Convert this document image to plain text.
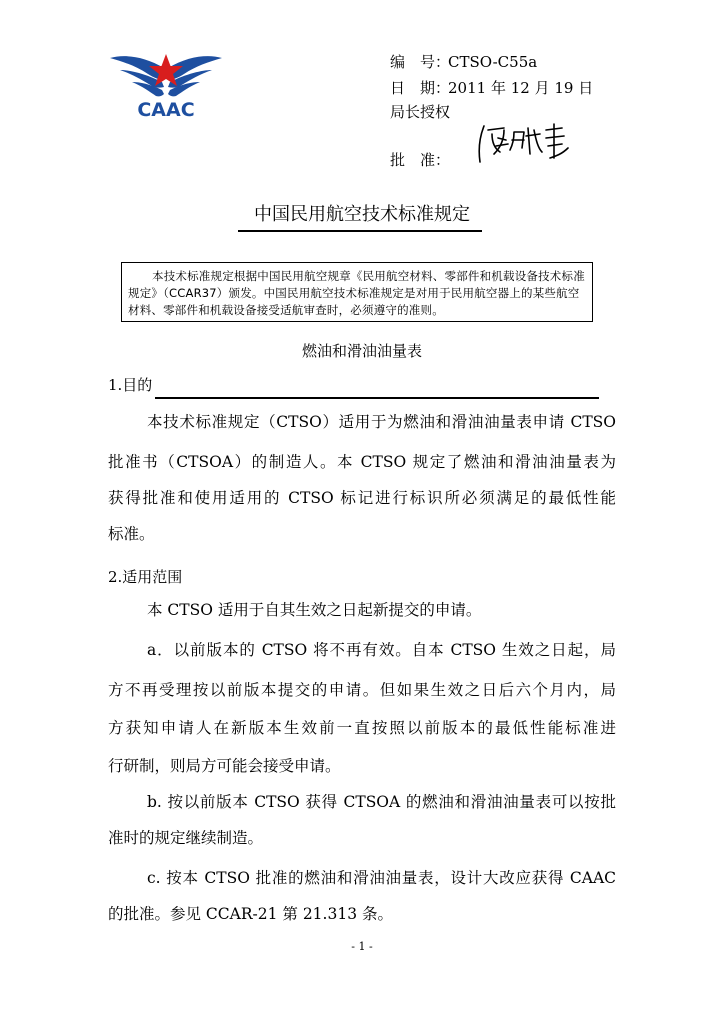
CAAC
编　号：CTSO-C55a
日　期：2011 年 12 月 19 日
局长授权
批　准：
中国民用航空技术标准规定
本技术标准规定根据中国民用航空规章《民用航空材料、零部件和机载设备技术标准规定》（CCAR37）颁发。中国民用航空技术标准规定是对用于民用航空器上的某些航空材料、零部件和机载设备接受适航审查时，必须遵守的准则。
燃油和滑油油量表
1.目的
本技术标准规定（CTSO）适用于为燃油和滑油油量表申请 CTSO
批准书（CTSOA）的制造人。本 CTSO 规定了燃油和滑油油量表为
获得批准和使用适用的 CTSO 标记进行标识所必须满足的最低性能
标准。
2.适用范围
本 CTSO 适用于自其生效之日起新提交的申请。
a．以前版本的 CTSO 将不再有效。自本 CTSO 生效之日起，局
方不再受理按以前版本提交的申请。但如果生效之日后六个月内，局
方获知申请人在新版本生效前一直按照以前版本的最低性能标准进
行研制，则局方可能会接受申请。
b. 按以前版本 CTSO 获得 CTSOA 的燃油和滑油油量表可以按批
准时的规定继续制造。
c. 按本 CTSO 批准的燃油和滑油油量表，设计大改应获得 CAAC
的批准。参见 CCAR-21 第 21.313 条。
- 1 -
